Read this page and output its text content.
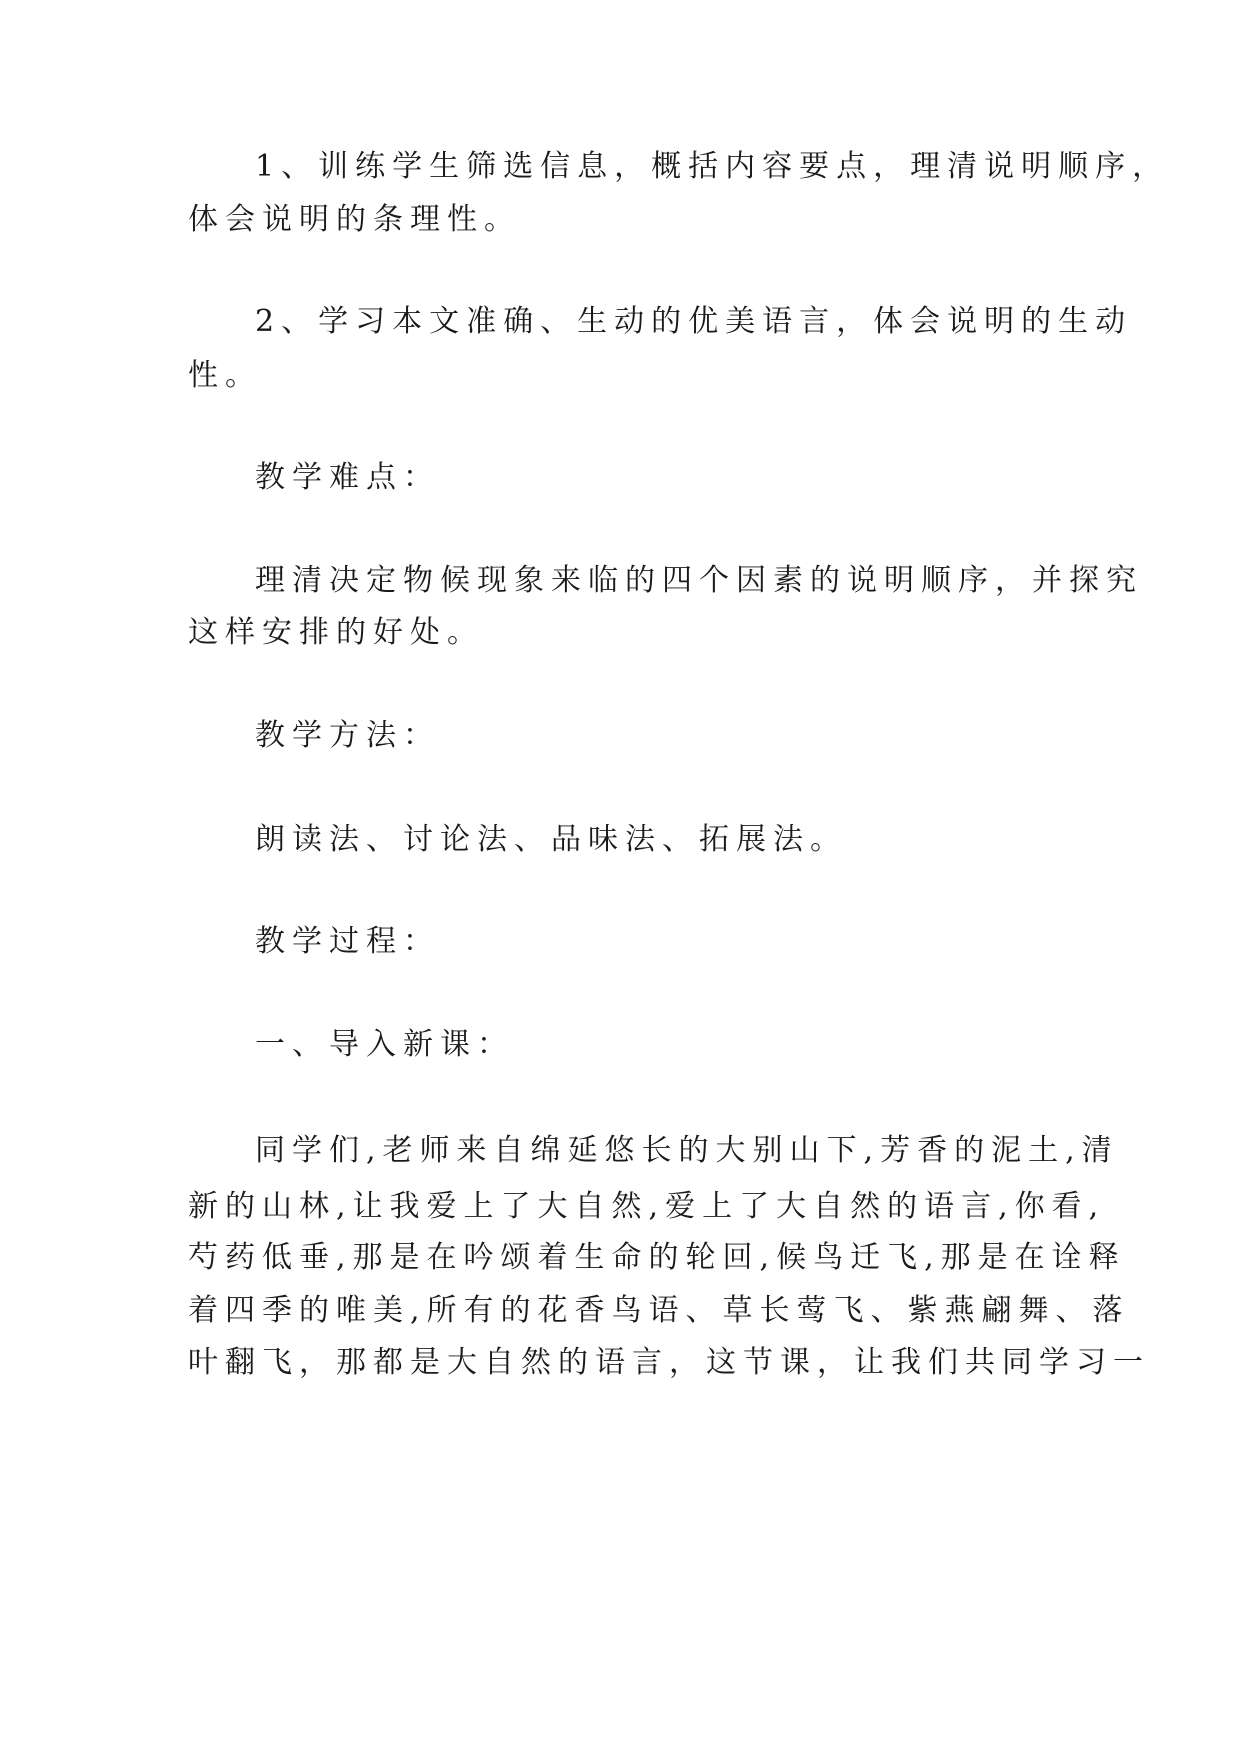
1、训练学生筛选信息，概括内容要点，理清说明顺序，
体会说明的条理性。
2、学习本文准确、生动的优美语言，体会说明的生动
性。
教学难点：
理清决定物候现象来临的四个因素的说明顺序，并探究
这样安排的好处。
教学方法：
朗读法、讨论法、品味法、拓展法。
教学过程：
一、导入新课：
同学们,老师来自绵延悠长的大别山下,芳香的泥土,清
新的山林,让我爱上了大自然,爱上了大自然的语言,你看,
芍药低垂,那是在吟颂着生命的轮回,候鸟迁飞,那是在诠释
着四季的唯美,所有的花香鸟语、草长莺飞、紫燕翩舞、落
叶翻飞，那都是大自然的语言，这节课，让我们共同学习一
